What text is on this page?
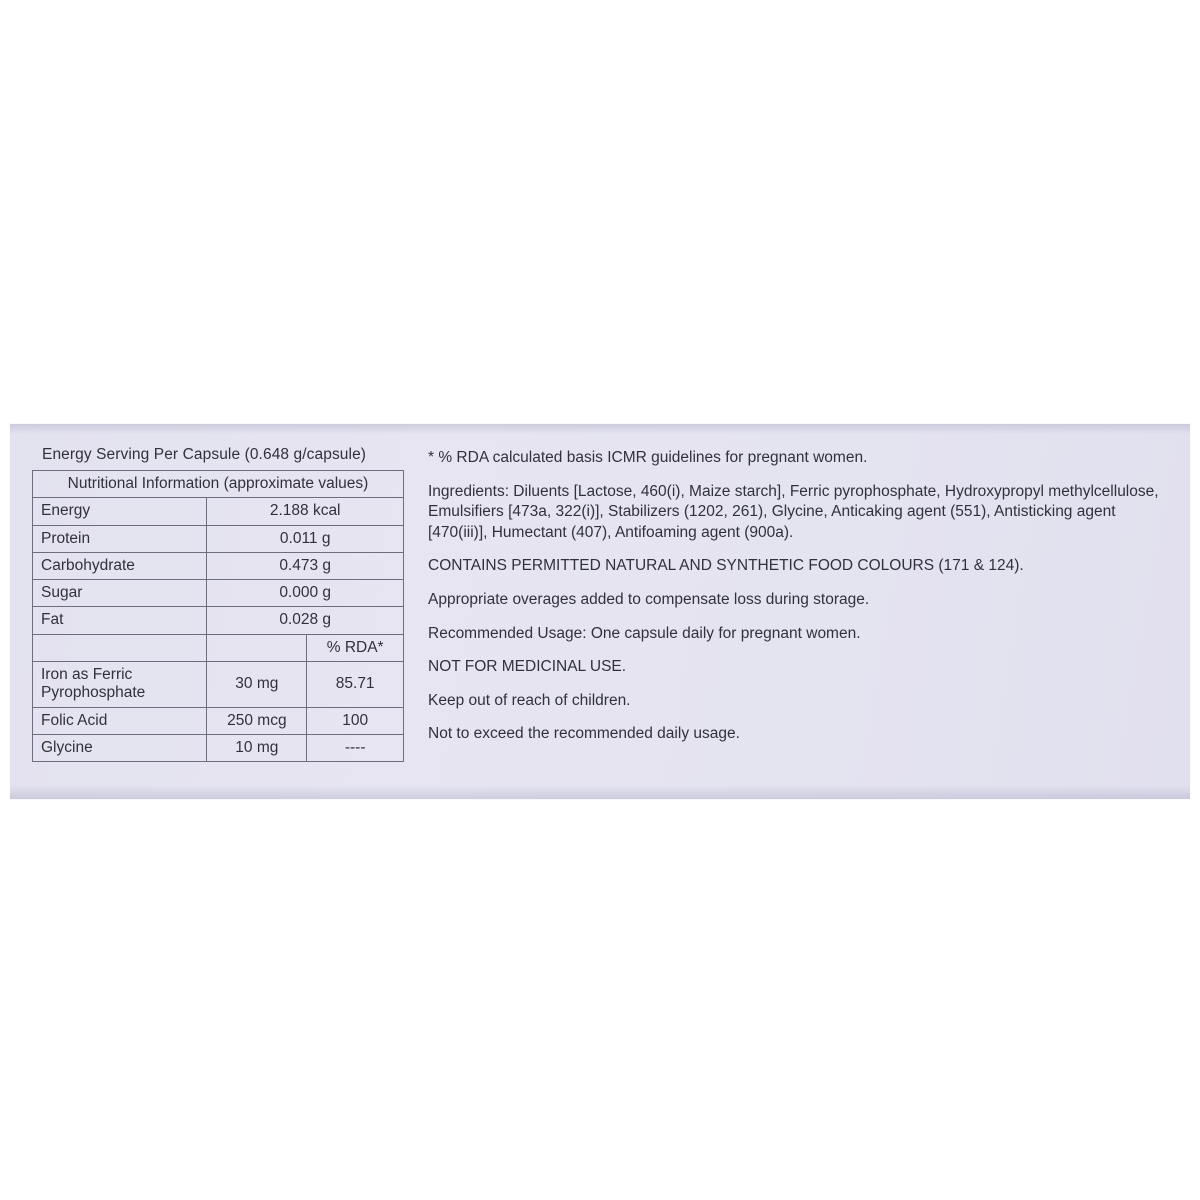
Energy Serving Per Capsule (0.648 g/capsule)
Nutritional Information (approximate values)		
Energy	2.188 kcal	
Protein	0.011 g	
Carbohydrate	0.473 g	
Sugar	0.000 g	
Fat	0.028 g	
		% RDA*
Iron as Ferric
Pyrophosphate	30 mg	85.71
Folic Acid	250 mcg	100
Glycine	10 mg	----

* % RDA calculated basis ICMR guidelines for pregnant women.

Ingredients: Diluents [Lactose, 460(i), Maize starch], Ferric pyrophosphate, Hydroxypropyl methylcellulose, Emulsifiers [473a, 322(i)], Stabilizers (1202, 261), Glycine, Anticaking agent (551), Antisticking agent [470(iii)], Humectant (407), Antifoaming agent (900a).

CONTAINS PERMITTED NATURAL AND SYNTHETIC FOOD COLOURS (171 & 124).

Appropriate overages added to compensate loss during storage.

Recommended Usage: One capsule daily for pregnant women.

NOT FOR MEDICINAL USE.

Keep out of reach of children.

Not to exceed the recommended daily usage.
